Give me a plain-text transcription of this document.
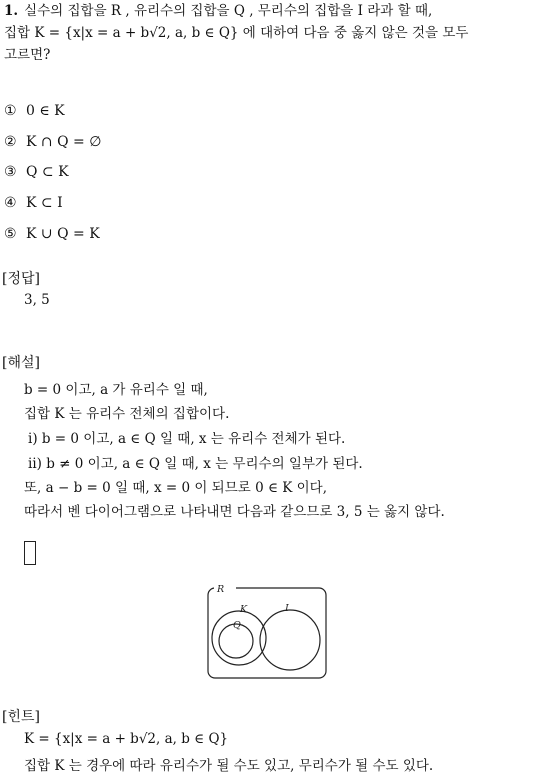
1. 실수의 집합을 R , 유리수의 집합을 Q , 무리수의 집합을 I 라과 할 때,
집합 K = {x|x = a + b√2, a, b ∈ Q} 에 대하여 다음 중 옳지 않은 것을 모두
고르면?
① 0 ∈ K
② K ∩ Q = ∅
③ Q ⊂ K
④ K ⊂ I
⑤ K ∪ Q = K
[정답]
3, 5
[해설]
b = 0 이고, a 가 유리수 일 때,
집합 K 는 유리수 전체의 집합이다.
ⅰ) b = 0 이고, a ∈ Q 일 때, x 는 유리수 전체가 된다.
ⅱ) b ≠ 0 이고, a ∈ Q 일 때, x 는 무리수의 일부가 된다.
또, a − b = 0 일 때, x = 0 이 되므로 0 ∈ K 이다,
따라서 벤 다이어그램으로 나타내면 다음과 같으므로 3, 5 는 옳지 않다.
R
K
Q
I
[힌트]
K = {x|x = a + b√2, a, b ∈ Q}
집합 K 는 경우에 따라 유리수가 될 수도 있고, 무리수가 될 수도 있다.
